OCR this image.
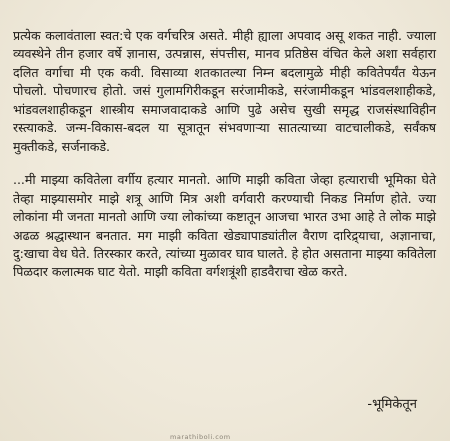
प्रत्येक कलावंताला स्वत:चे एक वर्गचरित्र असते. मीही ह्याला अपवाद असू शकत नाही. ज्याला व्यवस्थेने तीन हजार वर्षे ज्ञानास, उत्पन्नास, संपत्तीस, मानव प्रतिष्ठेस वंचित केले अशा सर्वहारा दलित वर्गाचा मी एक कवी. विसाव्या शतकातल्या निम्न बदलामुळे मीही कवितेपर्यंत येऊन पोचलो. पोचणारच होतो. जसं गुलामगिरीकडून सरंजामीकडे, सरंजामीकडून भांडवलशाहीकडे, भांडवलशाहीकडून शास्त्रीय समाजवादाकडे आणि पुढे असेच सुखी समृद्ध राजसंस्थाविहीन रस्त्याकडे. जन्म-विकास-बदल या सूत्रातून संभवणाऱ्या सातत्याच्या वाटचालीकडे, सर्वंकष मुक्तीकडे, सर्जनाकडे.

...मी माझ्या कवितेला वर्गीय हत्यार मानतो. आणि माझी कविता जेव्हा हत्याराची भूमिका घेते तेव्हा माझ्यासमोर माझे शत्रू आणि मित्र अशी वर्गवारी करण्याची निकड निर्माण होते. ज्या लोकांना मी जनता मानतो आणि ज्या लोकांच्या कष्टातून आजचा भारत उभा आहे ते लोक माझे अढळ श्रद्धास्थान बनतात. मग माझी कविता खेड्यापाड्यांतील वैराण दारिद्र्याचा, अज्ञानाचा, दु:खाचा वेध घेते. तिरस्कार करते, त्यांच्या मुळावर घाव घालते. हे होत असताना माझ्या कवितेला पिळदार कलात्मक घाट येतो. माझी कविता वर्गशत्रूंशी हाडवैराचा खेळ करते.

-भूमिकेतून

marathiboli.com
